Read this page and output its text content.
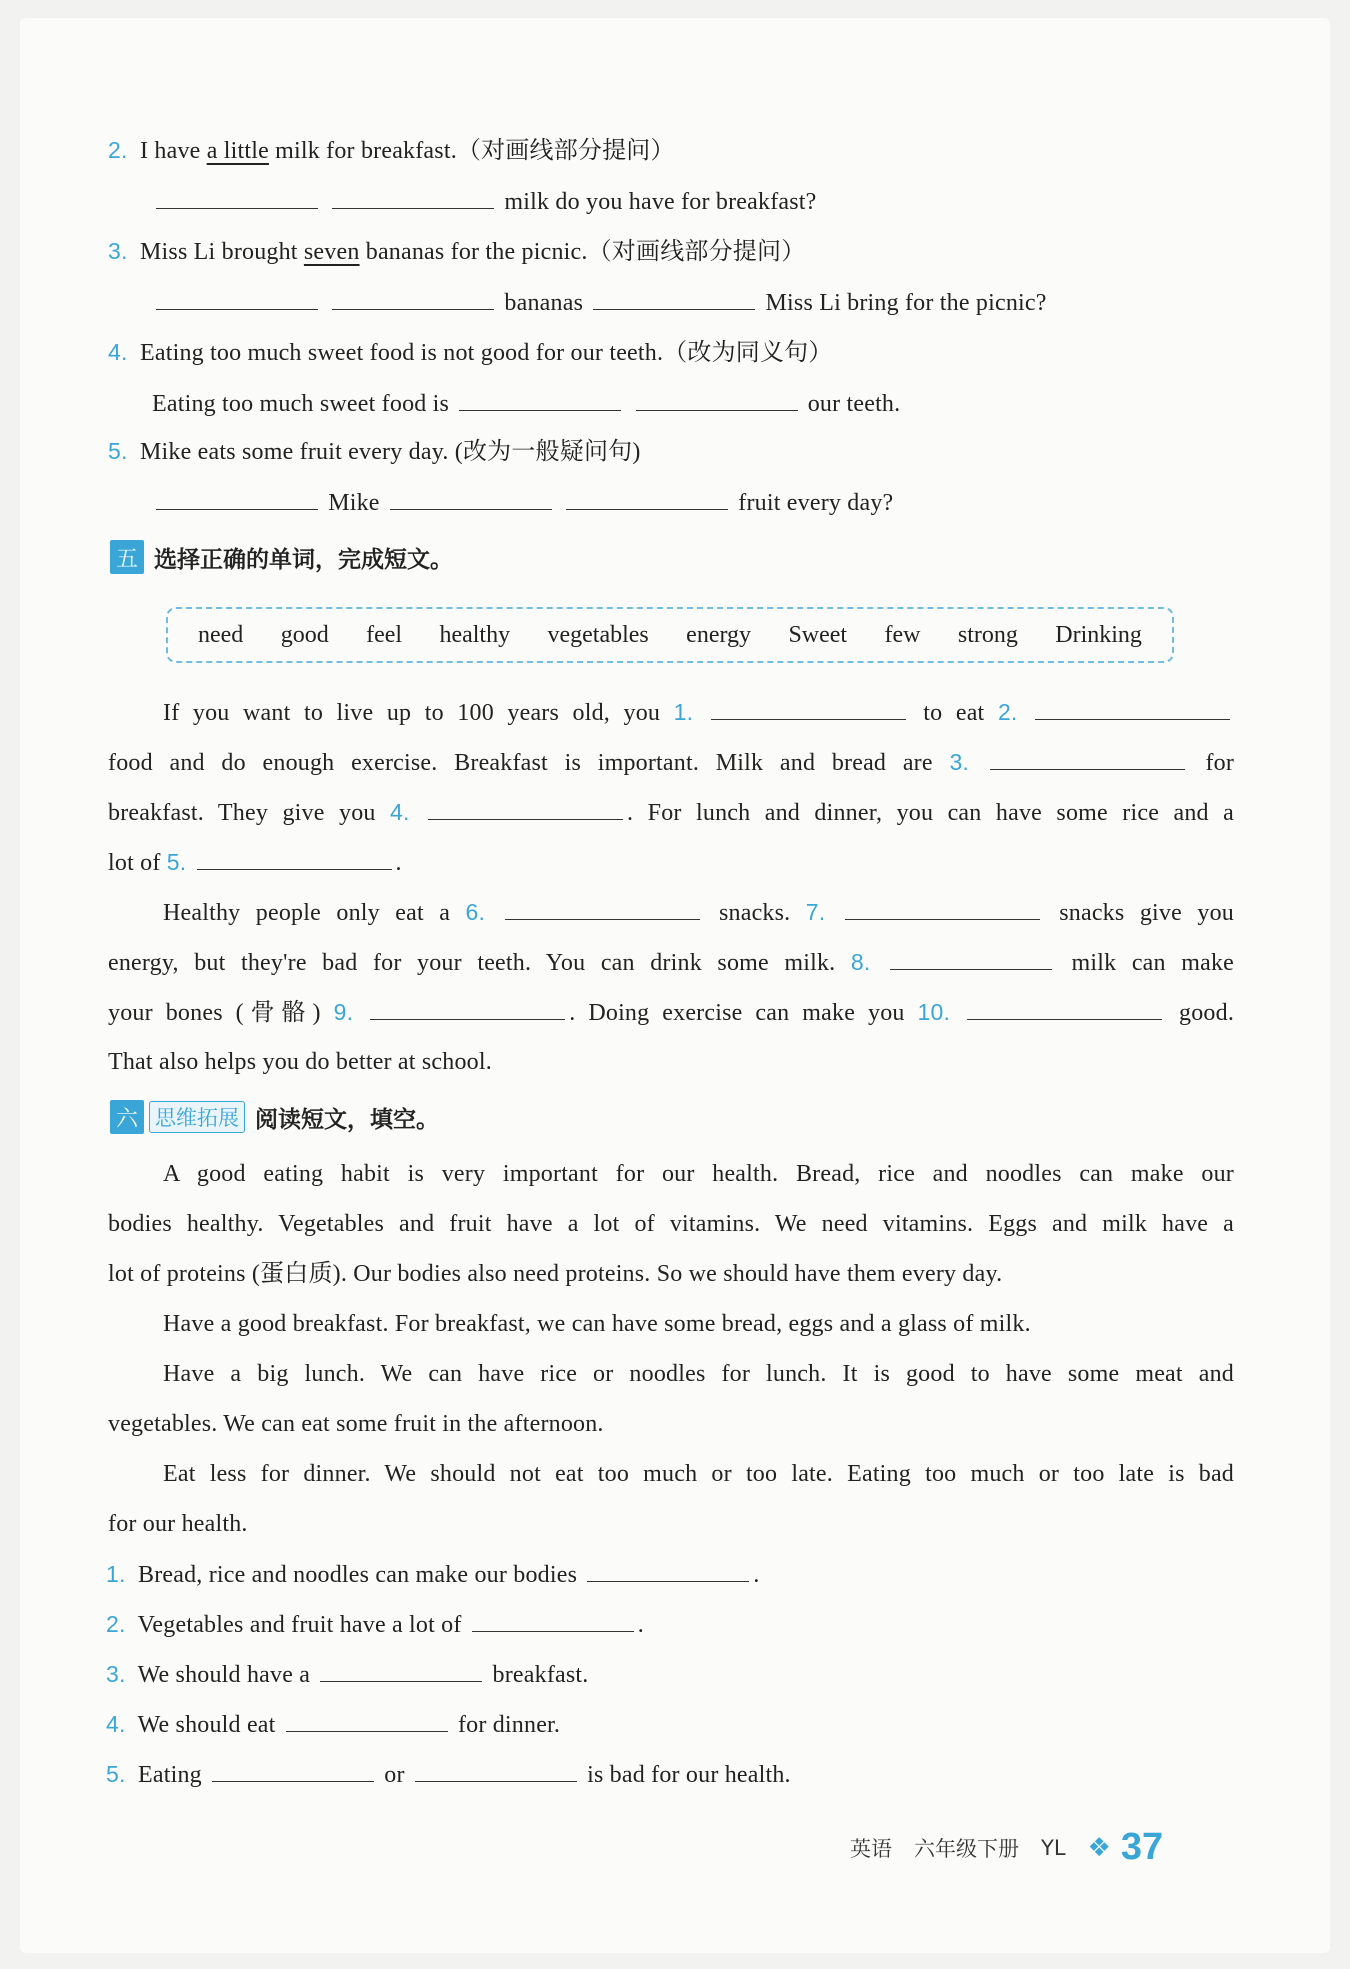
2. I have a little milk for breakfast.（对画线部分提问）
milk do you have for breakfast?
3. Miss Li brought seven bananas for the picnic.（对画线部分提问）
bananas	Miss Li bring for the picnic?
4. Eating too much sweet food is not good for our teeth.（改为同义句）
Eating too much sweet food is	our teeth.
5. Mike eats some fruit every day. (改为一般疑问句)
Mike	fruit every day?
五 选择正确的单词，完成短文。
need good feel healthy vegetables energy Sweet few strong Drinking
If you want to live up to 100 years old, you 1.	to eat 2.
food and do enough exercise. Breakfast is important. Milk and bread are 3.	for
breakfast. They give you 4.	. For lunch and dinner, you can have some rice and a
lot of 5.	.
Healthy people only eat a 6.	snacks. 7.	snacks give you
energy, but they're bad for your teeth. You can drink some milk. 8.	milk can make
your bones (骨骼) 9.	. Doing exercise can make you 10.	good.
That also helps you do better at school.
六 思维拓展 阅读短文，填空。
A good eating habit is very important for our health. Bread, rice and noodles can make our
bodies healthy. Vegetables and fruit have a lot of vitamins. We need vitamins. Eggs and milk have a
lot of proteins (蛋白质). Our bodies also need proteins. So we should have them every day.
Have a good breakfast. For breakfast, we can have some bread, eggs and a glass of milk.
Have a big lunch. We can have rice or noodles for lunch. It is good to have some meat and
vegetables. We can eat some fruit in the afternoon.
Eat less for dinner. We should not eat too much or too late. Eating too much or too late is bad
for our health.
1. Bread, rice and noodles can make our bodies	.
2. Vegetables and fruit have a lot of	.
3. We should have a	breakfast.
4. We should eat	for dinner.
5. Eating	or	is bad for our health.
英语 六年级下册 YL ❖ 37
